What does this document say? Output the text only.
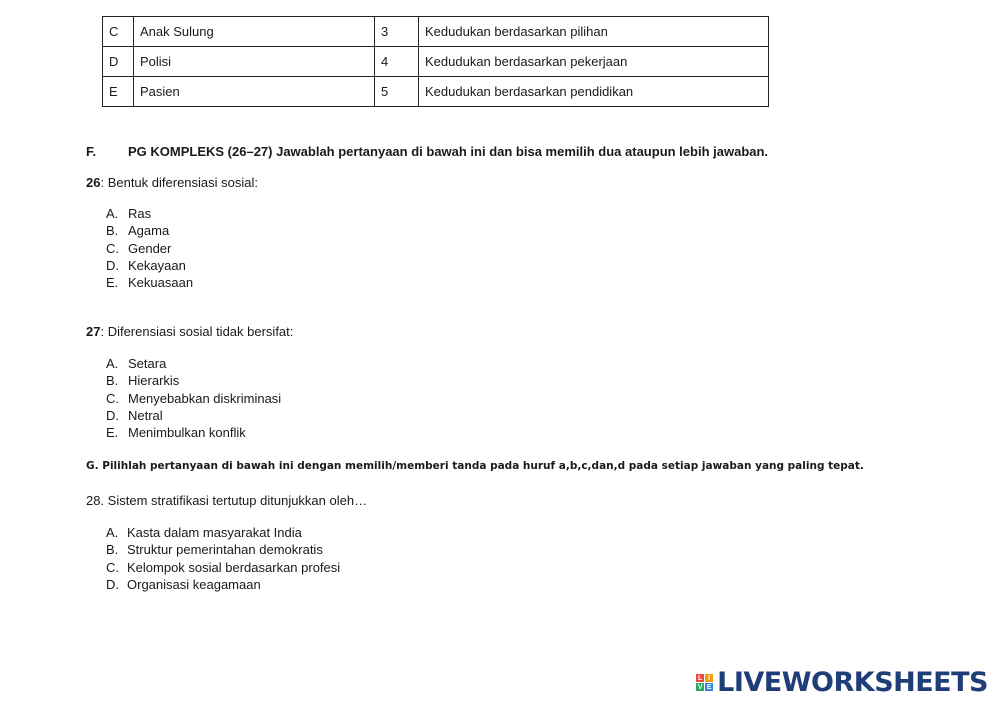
C	Anak Sulung	3	Kedudukan berdasarkan pilihan
D	Polisi	4	Kedudukan berdasarkan pekerjaan
E	Pasien	5	Kedudukan berdasarkan pendidikan
F. PG KOMPLEKS (26–27) Jawablah pertanyaan di bawah ini dan bisa memilih dua ataupun lebih jawaban.
26: Bentuk diferensiasi sosial:
A. Ras
B. Agama
C. Gender
D. Kekayaan
E. Kekuasaan
27: Diferensiasi sosial tidak bersifat:
A. Setara
B. Hierarkis
C. Menyebabkan diskriminasi
D. Netral
E. Menimbulkan konflik
G. Pilihlah pertanyaan di bawah ini dengan memilih/memberi tanda pada huruf a,b,c,dan,d pada setiap jawaban yang paling tepat.
28. Sistem stratifikasi tertutup ditunjukkan oleh…
A. Kasta dalam masyarakat India
B. Struktur pemerintahan demokratis
C. Kelompok sosial berdasarkan profesi
D. Organisasi keagamaan
L I
V E LIVEWORKSHEETS
